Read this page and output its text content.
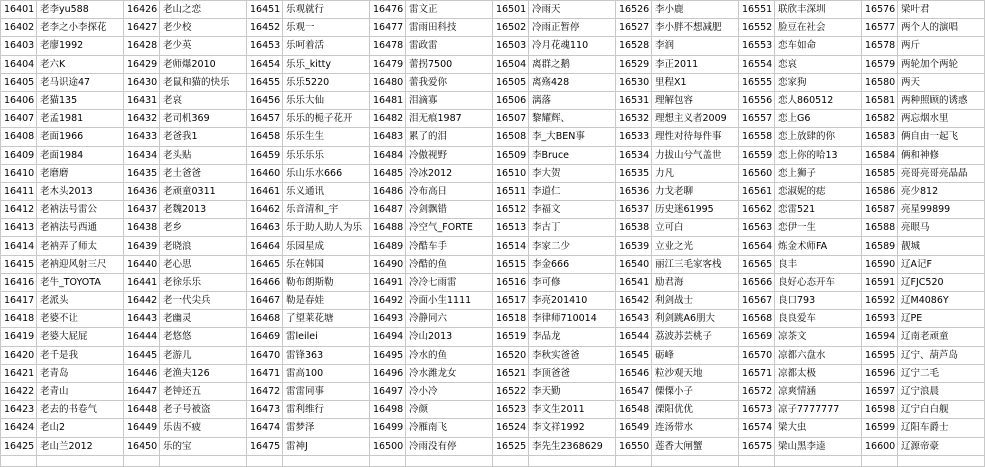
16401	老李yu588	16426	老山之恋	16451	乐观就行	16476	雷文正	16501	冷雨天	16526	李小鹿	16551	联欣丰深圳	16576	梁叶君
16402	老李之小李探花	16427	老少校	16452	乐观一	16477	雷雨田科技	16502	冷雨正暂停	16527	李小胖不想减肥	16552	脸豆在社会	16577	两个人的演唱
16403	老廖1992	16428	老少英	16453	乐呵着活	16478	雷政雷	16503	冷月花魂110	16528	李润	16553	恋车如命	16578	两斤
16404	老六K	16429	老师爆2010	16454	乐乐_kitty	16479	蕾拐7500	16504	离群之鹅	16529	李正2011	16554	恋哀	16579	两轮加个两轮
16405	老马识途47	16430	老鼠和猫的快乐	16455	乐乐5220	16480	蕾我爱你	16505	离殇428	16530	里程X1	16555	恋家狗	16580	两天
16406	老猫135	16431	老哀	16456	乐乐大仙	16481	泪滴寡	16506	漓落	16531	理解包容	16556	恋人860512	16581	两种照顾的诱惑
16407	老孟1981	16432	老司机369	16457	乐乐的栀子花开	16482	泪无痕1987	16507	黎耀辉、	16532	理想主义者2009	16557	恋上G6	16582	两忘烟水里
16408	老面1966	16433	老爸我1	16458	乐乐生生	16483	累了的泪	16508	李_大BEN事	16533	理性对待每件事	16558	恋上放肆的你	16583	俩自由一起飞
16409	老面1984	16434	老头贴	16459	乐乐乐乐	16484	冷傲视野	16509	李Bruce	16534	力拔山兮气盖世	16559	恋上你的哈13	16584	俩和神修
16410	老磨磨	16435	老土爸爸	16460	乐山乐水666	16485	冷冰2012	16510	李大贺	16535	力凡	16560	恋上狮子	16585	亮哥亮哥亮晶晶
16411	老木头2013	16436	老顽童0311	16461	乐义通讯	16486	冷布高日	16511	李道仁	16536	力戈老聊	16561	恋淑妮的痣	16586	亮少812
16412	老衲法号雷公	16437	老魏2013	16462	乐音清和_宇	16487	冷剑飘错	16512	李福文	16537	历史迷61995	16562	恋雷521	16587	亮星99899
16413	老衲法号西通	16438	老乡	16463	乐于助人助人为乐	16488	冷空气_FORTE	16513	李古丁	16538	立可白	16563	恋伊一生	16588	亮眼马
16414	老衲弄了师太	16439	老晓浪	16464	乐园星成	16489	冷酷车手	16514	李家二少	16539	立业之光	16564	炼金术师FA	16589	靓城
16415	老衲迎风射三尺	16440	老心思	16465	乐在韩国	16490	冷酷的鱼	16515	李金666	16540	丽江三毛家客栈	16565	良丰	16590	辽A记F
16416	老牛_TOYOTA	16441	老徐乐乐	16466	勒布朗斯勒	16491	冷冷七雨雷	16516	李可修	16541	励君海	16566	良好心态开车	16591	辽FJC520
16417	老派头	16442	老一代尖兵	16467	勒是春娃	16492	冷面小生1111	16517	李亮201410	16542	利剑战士	16567	良口793	16592	辽M4086Y
16418	老婆不让	16443	老幽灵	16468	了望莱花塘	16493	冷静同六	16518	李律师710014	16543	利剑跳A6朋大	16568	良良爱车	16593	辽PE
16419	老婆大屁屁	16444	老悠悠	16469	雷leilei	16494	冷山2013	16519	李品龙	16544	荔波苏芸桃子	16569	凉茶文	16594	辽南老顽童
16420	老千是我	16445	老游儿	16470	雷锋363	16495	冷水的鱼	16520	李秋实爸爸	16545	砺峰	16570	凉都六盘水	16595	辽宁、葫芦岛
16421	老青岛	16446	老渔夫126	16471	雷高100	16496	冷水潍龙女	16521	李顶爸爸	16546	粒沙观天地	16571	凉都太极	16596	辽宁二毛
16422	老青山	16447	老钟还五	16472	雷雷同事	16497	冷小冷	16522	李天勤	16547	傈傈小子	16572	凉爽情涵	16597	辽宁浪晨
16423	老去的书卷气	16448	老子号被盗	16473	雷利维行	16498	冷颜	16523	李文生2011	16548	溧阳优优	16573	凉子7777777	16598	辽宁白白舰
16424	老山2	16449	乐齿不疲	16474	雷梦泽	16499	冷雁南飞	16524	李文祥1992	16549	连汤带水	16574	梁大虫	16599	辽阳车爵士
16425	老山兰2012	16450	乐的宝	16475	雷神J	16500	冷雨没有停	16525	李先生2368629	16550	莲香大闸蟹	16575	梁山黑李逵	16600	辽源帝豪
